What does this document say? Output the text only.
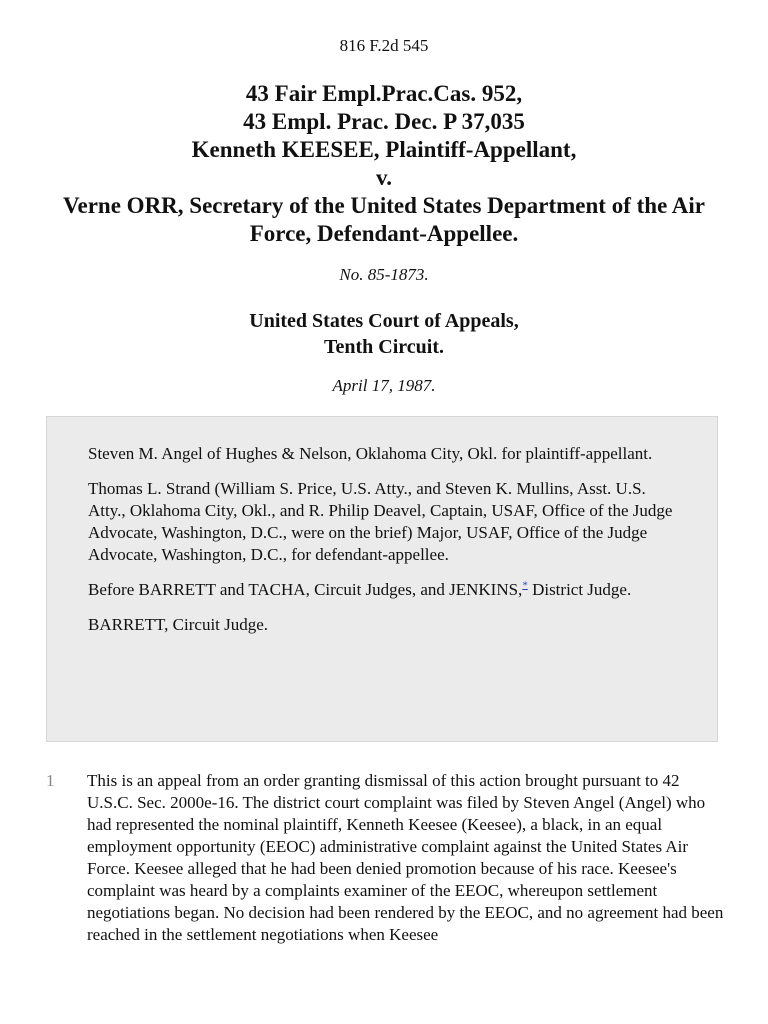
816 F.2d 545
43 Fair Empl.Prac.Cas. 952,
43 Empl. Prac. Dec. P 37,035
Kenneth KEESEE, Plaintiff-Appellant,
v.
Verne ORR, Secretary of the United States Department of the Air Force, Defendant-Appellee.
No. 85-1873.
United States Court of Appeals,
Tenth Circuit.
April 17, 1987.

Steven M. Angel of Hughes & Nelson, Oklahoma City, Okl. for plaintiff-appellant.

Thomas L. Strand (William S. Price, U.S. Atty., and Steven K. Mullins, Asst. U.S. Atty., Oklahoma City, Okl., and R. Philip Deavel, Captain, USAF, Office of the Judge Advocate, Washington, D.C., were on the brief) Major, USAF, Office of the Judge Advocate, Washington, D.C., for defendant-appellee.

Before BARRETT and TACHA, Circuit Judges, and JENKINS,* District Judge.

BARRETT, Circuit Judge.

1 This is an appeal from an order granting dismissal of this action brought pursuant to 42 U.S.C. Sec. 2000e-16. The district court complaint was filed by Steven Angel (Angel) who had represented the nominal plaintiff, Kenneth Keesee (Keesee), a black, in an equal employment opportunity (EEOC) administrative complaint against the United States Air Force. Keesee alleged that he had been denied promotion because of his race. Keesee's complaint was heard by a complaints examiner of the EEOC, whereupon settlement negotiations began. No decision had been rendered by the EEOC, and no agreement had been reached in the settlement negotiations when Keesee
